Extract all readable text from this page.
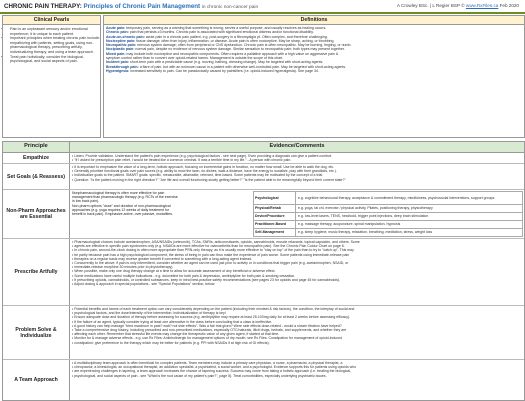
CHRONIC PAIN THERAPY: Principles of Chronic Pain Management in chronic non-cancer pain	A Crowley BSc. | L Regier BSP © www.RxFiles.ca Feb 2020
Clinical Pearls
• Pain is an unpleasant sensory and/or emotional experience; it is unique to each patient.
• Important principles when treating chronic pain include: empathizing with patients, setting goals, using non-pharmacological therapy, prescribing artfully, individualizing therapy, and using a team approach.
• Treat pain holistically; consider the biological, psychological, and social aspects of pain.
Definitions
Acute pain: temporary pain, serving as a warning that something is wrong; serves a useful purpose, and usually resolves as healing occurs.
Chronic pain: pain that persists ≥3 months. Chronic pain is associated with significant emotional distress and/or functional disability.
Acute-on-chronic pain: acute pain in a chronic pain patient, e.g. post-surgery in a fibromyalgia pt. Often complex, and therefore challenging.
Nociceptive pain: tissue damage; often from injury, inflammation, or disease. Acute pain is often nociceptive. May be sharp, aching, or throbbing.
Neuropathic pain: nervous system damage; often from peripheral or CNS dysfunction. Chronic pain is often neuropathic. May be burning, tingling, or numb.
Nociplastic pain: normal pain, despite no evidence of nervous system damage. Similar sensation to neuropathic pain; both types may present together.
Mixed pain: may include both nociceptive and neuropathic components. Often requires a palliative approach with a high value on aggressive pain &
symptom control rather than to convert over opioid-related harms. Management is outside the scope of this chart.
Incident pain: short-term pain with a predictable cause (e.g. moving, bathing, dressing change). May be targeted with short-acting agents.
Breakthrough pain: a flare of pain, but with an unknown cause in a patient with otherwise well-controlled pain. May be targeted with short-acting agents.
Hyperalgesia: increased sensitivity to pain. Can be paradoxically caused by painkillers (i.e. opioid-induced hyperalgesia). See page 34.
Principle	Evidence/Comments
Empathize	• Listen. Provide validation. Understand the patient's pain experience (e.g. psychological factors - see next page). Even providing a diagnosis can give a patient comfort.
• "If I asked for prescription pain relief, I would be treated like a common criminal. It was a terrible time in my life." - A person with chronic pain.
Set Goals (& Reassess)
• It is important to emphasize the value of a long-term, holistic approach, focusing on incremental gains in function, no matter how small. Use be able to walk the dog, etc.
• Generally prioritize functional goals over pain scores (e.g. ability to mow the lawn, do dishes, walk a distance, have the energy to socialize, play with their grandkids, etc.).
• Individualize goals to the patient. SMART goals: specific, measurable, attainable, relevant, time-based. Some patients may be motivated by the concept of a trial.
• Question: "Is the patient moving in the right direction?" "Are life and overall functioning slowly getting better?" "Is the patient able to be meaningfully beyond their current state?"
Non-Pharm Approaches are Essential
Nonpharmacological therapy is often more effective for pain
management than pharmacologic therapy (e.g. RCTs of the exercise
in low back pain).
Non-pharm options "dose" and duration of non-pharmacological
approaches (e.g. yoga requires 12 weeks of daily treatment for
benefit in back pain). Emphasize active, over passive, modalities.
Psychological	e.g. cognitive behavioural therapy, acceptance & commitment therapy, mindfulness, psychosocial interventions, support groups
Physical/Rehab	e.g. yoga, tai chi, exercise / physical activity, Pilates, positioning therapy, physiotherapy
Device/Procedure	e.g. low-level lasers, TENS, heat/cold, trigger point injections, deep brain stimulation
Practitioner-Based	e.g. massage therapy, acupuncture, spinal manipulation, hypnosis
Self-Management	e.g. sleep hygiene, music therapy, relaxation, breathing, meditation, stress, weight loss
Prescribe Artfully
• Pharmacological choices include acetaminophen, ASA/NSAIDs (celecoxib), TCAs, SNRIs, anticonvulsants, opioids, cannabinoids, muscle relaxants, topical capsaicin, and others. Some
• agents are effective in specific pain syndromes only (e.g. NSAIDs are more effective for osteoarthritis than for neuropathic pain). See the Chronic Pain Colour Chart on page 6.
• In chronic pain, around-the-clock dosing is often more appropriate than PRN-only therapy, as it is usually more effective to "stay on top" of the pain than to try to "catch up". This may
• be partly because pain has a high psychological component; the stress of being in pain can thus make the experience of pain worse. Some patients using immediate-release pain
• therapies on a regular basis may receive greater benefit if converted to something with a long-acting agent instead.
• Concurrently to the above: if pain is only intermittent, consider whether an agent can be used just prior to activity or in conditions that trigger pain (e.g. acetaminophen, NSAID, or
• immediate-release morphine 30 minutes prior to physiotherapy).
• When possible, make only one drug therapy change at a time to allow for accurate assessment of any beneficial or adverse effect.
• Some medications have useful multiple indications - e.g. duloxetine for both pain & depression, amitriptyline for both pain & smoking cessation.
• If prescribing opioids, cannabinoids, or controlled substances, keep in mind best-practice safety recommendations (see pages 23 for opioids and page 45 for cannabinoids).
• Adjust dosing & approach in special populations - see "Special Populations" section, below.
Problem Solve & Individualize
• Potential benefits and harms of each treatment option can vary considerably depending on the patient (including their mindset & risk factors), the condition, the interplay of social and
• psychological factors, and the dose/intensity of the intervention. Individualization of therapy is key!
• Ensure adequate dose and duration of therapy before assessing for success (e.g. amitriptyline may require at least 25-100mg daily for at least 2 weeks before assessing efficacy).
• If the failure of an agent, typically consider trying at least one alternative in the class before concluding that a class is ineffective.
• A good history can help manage "tried maximum in past? wait? not side effects". Was a fair trial given? Were side effects dose-related - would a slower titration have helped?
• Take a comprehensive drug history, including prescribed and non-prescribed medications, especially OTC/naturals, illicit drugs, herbals, and supplements, and whether they are
• affecting each other. Remember that stressful life events may change the therapeutic value of any given agent, if started at that time.
• Monitor for & manage adverse effects - e.g. use Rx Files: Anticholinergic for management options of dry mouth; see Rx Files: Constipation for management of opioid-induced
• constipation; give preference to the therapy which may be better for patients (e.g. PPI with NSAIDs if at high risk of GI effects).
A Team Approach
• A multidisciplinary team approach is often beneficial for complex patients. Team members may include a primary care physician, a nurse, a pharmacist, a physical therapist, a
• chiropractor, a kinesiologist, an occupational therapist, an addiction specialist, a psychiatrist, a social worker, and a psychologist. Evidence supports this for patients using opioids who
• are experiencing challenges in tapering, a team approach increases the chance of tapering success. Success may come from taking a holistic approach (i.e. treating the biological,
• psychological, and social aspects of pain - see "What is the root cause of my patient's pain?", page 5). Treat comorbidities, especially underlying psychiatric issues.
